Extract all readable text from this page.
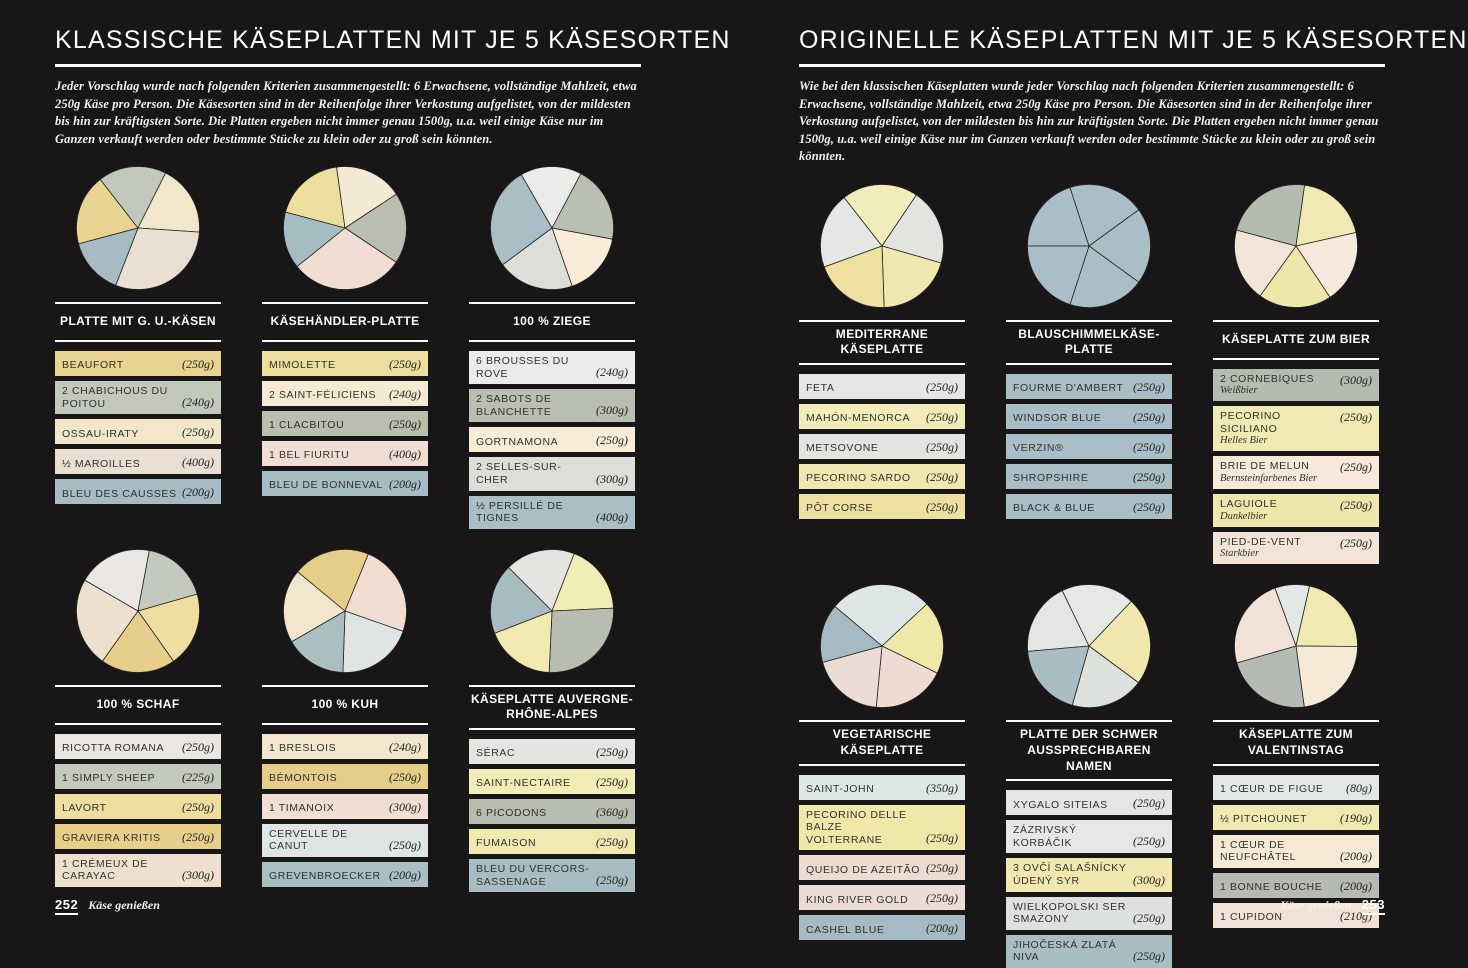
KLASSISCHE KÄSEPLATTEN MIT JE 5 KÄSESORTEN

Jeder Vorschlag wurde nach folgenden Kriterien zusammengestellt: 6 Erwachsene, vollständige Mahlzeit, etwa 250g Käse pro Person. Die Käsesorten sind in der Reihenfolge ihrer Verkostung aufgelistet, von der mildesten bis hin zur kräftigsten Sorte. Die Platten ergeben nicht immer genau 1500g, u.a. weil einige Käse nur im Ganzen verkauft werden oder bestimmte Stücke zu klein oder zu groß sein könnten.

PLATTE MIT G. U.-KÄSEN
BEAUFORT	(250g)
2 CHABICHOUS DU POITOU	(240g)
OSSAU-IRATY	(250g)
½ MAROILLES	(400g)
BLEU DES CAUSSES (200g)
KÄSEHÄNDLER-PLATTE
MIMOLETTE	(250g)
2 SAINT-FÉLICIENS (240g)
1 CLACBITOU	(250g)
1 BEL FIURITU	(400g)
BLEU DE BONNEVAL (200g)
100 % ZIEGE
6 BROUSSES DU ROVE	(240g)
2 SABOTS DE BLANCHETTE	(300g)
GORTNAMONA	(250g)
2 SELLES-SUR-CHER	(300g)
½ PERSILLÉ DE TIGNES	(400g)
100 % SCHAF
RICOTTA ROMANA (250g)
1 SIMPLY SHEEP (225g)
LAVORT	(250g)
GRAVIERA KRITIS (250g)
1 CRÉMEUX DE CARAYAC	(300g)
100 % KUH
1 BRESLOIS	(240g)
BÉMONTOIS	(250g)
1 TIMANOIX	(300g)
CERVELLE DE CANUT	(250g)
GREVENBROECKER (200g)
KÄSEPLATTE AUVERGNE-RHÔNE-ALPES
SÉRAC	(250g)
SAINT-NECTAIRE (250g)
6 PICODONS	(360g)
FUMAISON	(250g)
BLEU DU VERCORS-SASSENAGE	(250g)
ORIGINELLE KÄSEPLATTEN MIT JE 5 KÄSESORTEN

Wie bei den klassischen Käseplatten wurde jeder Vorschlag nach folgenden Kriterien zusammengestellt: 6 Erwachsene, vollständige Mahlzeit, etwa 250g Käse pro Person. Die Käsesorten sind in der Reihenfolge ihrer Verkostung aufgelistet, von der mildesten bis hin zur kräftigsten Sorte. Die Platten ergeben nicht immer genau 1500g, u.a. weil einige Käse nur im Ganzen verkauft werden oder bestimmte Stücke zu klein oder zu groß sein könnten.

MEDITERRANE KÄSEPLATTE
FETA	(250g)
MAHÓN-MENORCA (250g)
METSOVONE	(250g)
PECORINO SARDO (250g)
PÔT CORSE	(250g)
BLAUSCHIMMELKÄSE-PLATTE
FOURME D'AMBERT (250g)
WINDSOR BLUE	(250g)
VERZIN®	(250g)
SHROPSHIRE	(250g)
BLACK & BLUE	(250g)
KÄSEPLATTE ZUM BIER
2 CORNEBIQUES
Weißbier
(300g)
PECORINO SICILIANO
Helles Bier
(250g)
BRIE DE MELUN
Bernsteinfarbenes Bier
(250g)
LAGUIOLE
Dunkelbier
(250g)
PIED-DE-VENT
Starkbier
(250g)
VEGETARISCHE KÄSEPLATTE
SAINT-JOHN	(350g)
PECORINO DELLE BALZE VOLTERRANE	(250g)
QUEIJO DE AZEITÃO (250g)
KING RIVER GOLD (250g)
CASHEL BLUE	(200g)
PLATTE DER SCHWER AUSSPRECHBAREN NAMEN
XYGALO SITEIAS (250g)
ZÁZRIVSKÝ KORBÁČIK	(250g)
3 OVČÍ SALAŠNÍCKY ÚDENÝ SYR	(300g)
WIELKOPOLSKI SER SMAŻONY	(250g)
JIHOČESKÁ ZLATÁ NIVA	(250g)
KÄSEPLATTE ZUM VALENTINSTAG
1 CŒUR DE FIGUE (80g)
½ PITCHOUNET	(190g)
1 CŒUR DE NEUFCHÂTEL	(200g)
1 BONNE BOUCHE (200g)
1 CUPIDON	(210g)
252 Käse genießen	Käse genießen 253
